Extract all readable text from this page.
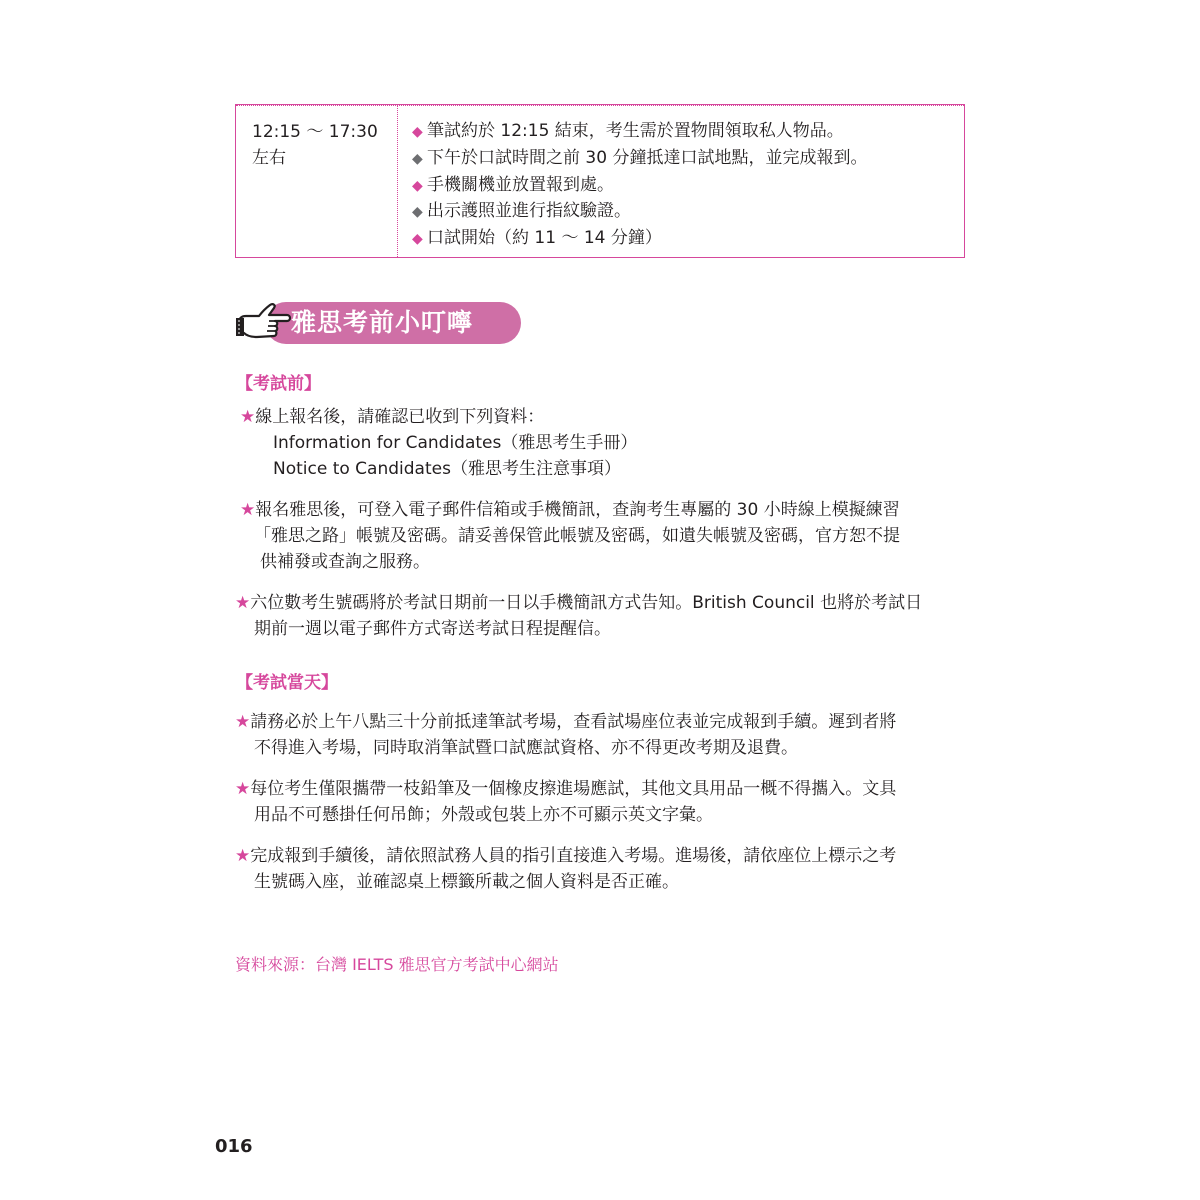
12:15 ～ 17:30
左右
◆ 筆試約於 12:15 結束，考生需於置物間領取私人物品。
◆ 下午於口試時間之前 30 分鐘抵達口試地點，並完成報到。
◆ 手機關機並放置報到處。
◆ 出示護照並進行指紋驗證。
◆ 口試開始（約 11 ～ 14 分鐘）
雅思考前小叮嚀
【考試前】
★線上報名後，請確認已收到下列資料：
Information for Candidates（雅思考生手冊）
Notice to Candidates（雅思考生注意事項）
★報名雅思後，可登入電子郵件信箱或手機簡訊，查詢考生專屬的 30 小時線上模擬練習
「雅思之路」帳號及密碼。請妥善保管此帳號及密碼，如遺失帳號及密碼，官方恕不提
供補發或查詢之服務。
★六位數考生號碼將於考試日期前一日以手機簡訊方式告知。British Council 也將於考試日
期前一週以電子郵件方式寄送考試日程提醒信。
【考試當天】
★請務必於上午八點三十分前抵達筆試考場，查看試場座位表並完成報到手續。遲到者將
不得進入考場，同時取消筆試暨口試應試資格、亦不得更改考期及退費。
★每位考生僅限攜帶一枝鉛筆及一個橡皮擦進場應試，其他文具用品一概不得攜入。文具
用品不可懸掛任何吊飾；外殼或包裝上亦不可顯示英文字彙。
★完成報到手續後，請依照試務人員的指引直接進入考場。進場後，請依座位上標示之考
生號碼入座，並確認桌上標籤所載之個人資料是否正確。
資料來源：台灣 IELTS 雅思官方考試中心網站
016
